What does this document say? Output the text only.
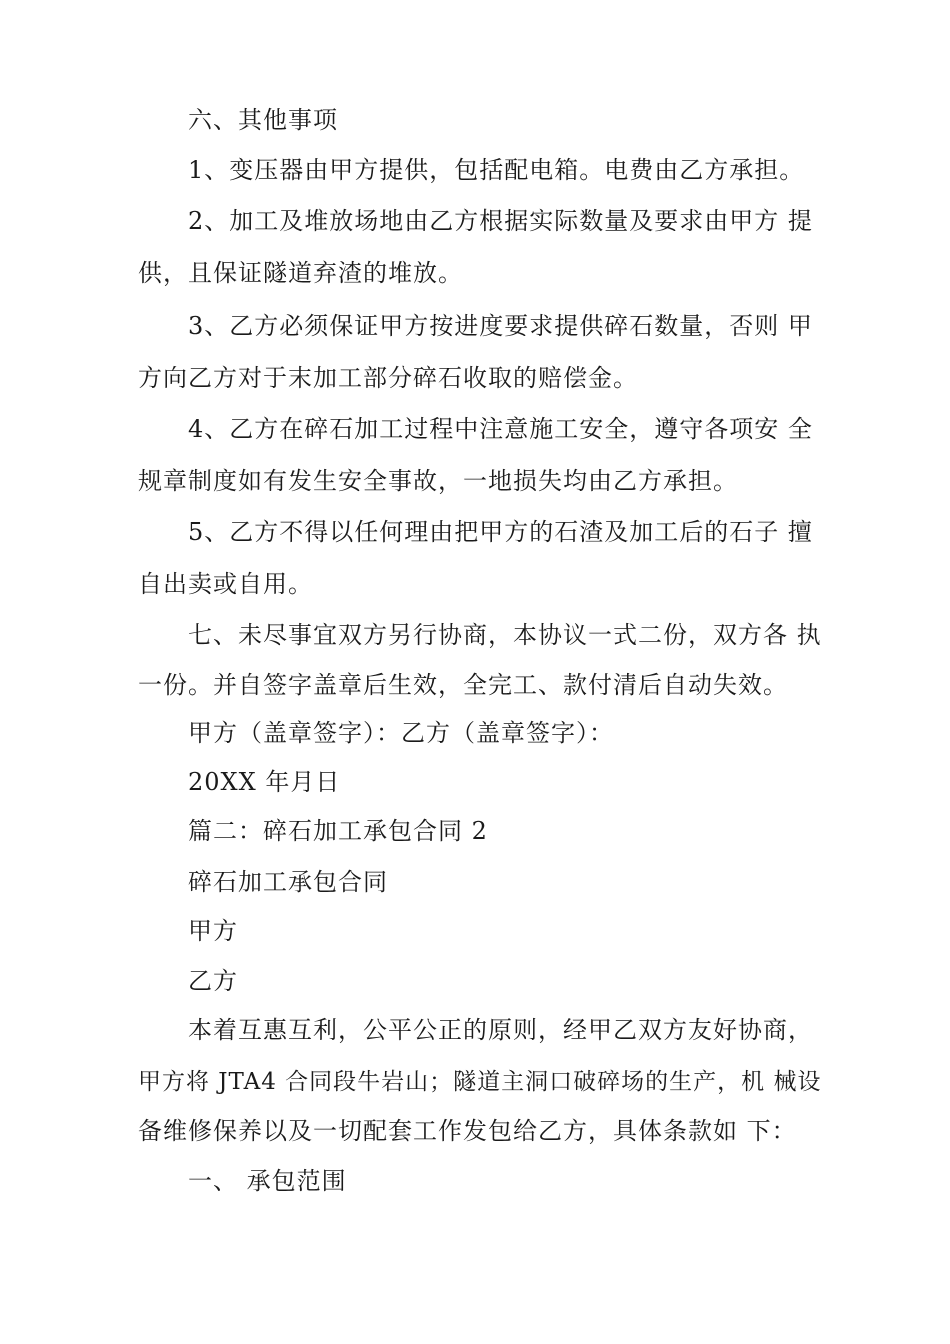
六、其他事项
1、变压器由甲方提供，包括配电箱。电费由乙方承担。
2、加工及堆放场地由乙方根据实际数量及要求由甲方 提
供，且保证隧道弃渣的堆放。
3、乙方必须保证甲方按进度要求提供碎石数量，否则 甲
方向乙方对于末加工部分碎石收取的赔偿金。
4、乙方在碎石加工过程中注意施工安全，遵守各项安 全
规章制度如有发生安全事故，一地损失均由乙方承担。
5、乙方不得以任何理由把甲方的石渣及加工后的石子 擅
自出卖或自用。
七、未尽事宜双方另行协商，本协议一式二份，双方各 执
一份。并自签字盖章后生效，全完工、款付清后自动失效。
甲方（盖章签字）：乙方（盖章签字）：
20XX 年月日
篇二：碎石加工承包合同 2
碎石加工承包合同
甲方
乙方
本着互惠互利，公平公正的原则，经甲乙双方友好协商，
甲方将 JTA4 合同段牛岩山；隧道主洞口破碎场的生产，机 械设
备维修保养以及一切配套工作发包给乙方，具体条款如 下：
一、 承包范围
